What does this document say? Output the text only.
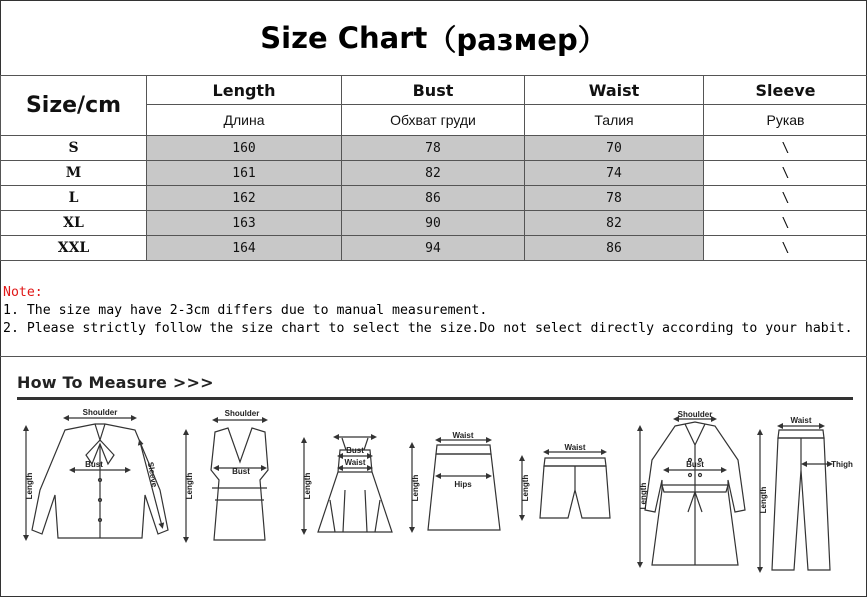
Size Chart （размер）
Size/cm	Length	Bust	Waist	Sleeve
	Длина	Обхват груди	Талия	Рукав
S	160	78	70	\
M	161	82	74	\
L	162	86	78	\
XL	163	90	82	\
XXL	164	94	86	\
Note:
1. The size may have 2-3cm differs due to manual measurement.
2. Please strictly follow the size chart to select the size.Do not select directly according to your habit.
How To Measure >>>
Shoulder
Length
Bust	Sleeve
Shoulder
Length
Bust
Bust
Length
Waist
Waist
Hips
Length
Waist
Length
Shoulder
Length
Bust
Waist
Length
Thigh
